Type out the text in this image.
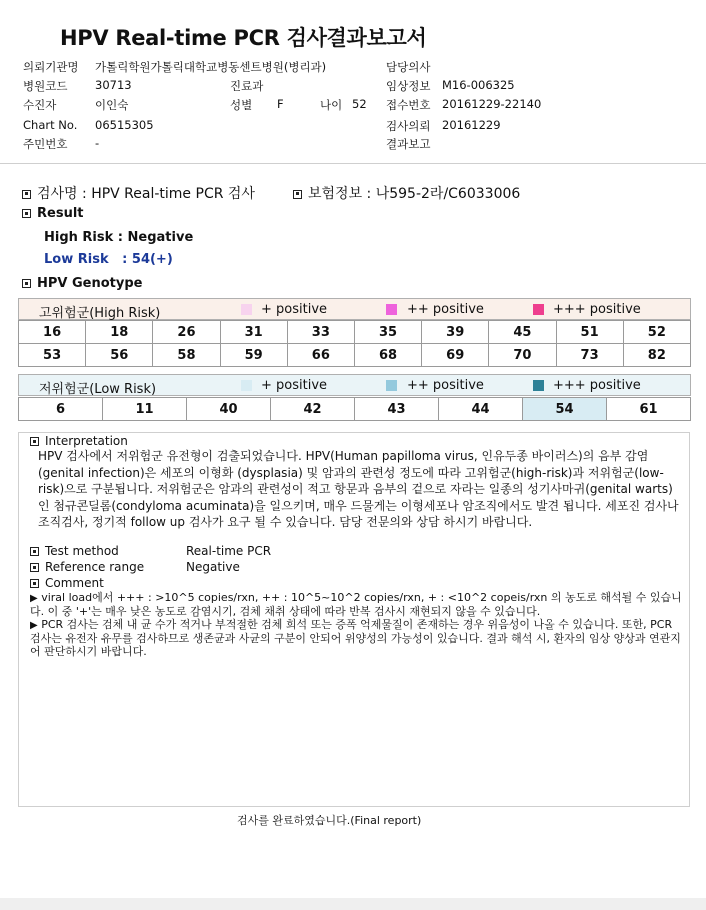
HPV Real-time PCR 검사결과보고서
의뢰기관명 가톨릭학원가톨릭대학교병동센트병원(병리과)	담당의사
병원코드 30713	진료과	임상정보 M16-006325
수진자	이인숙	성별 F	나이 52 접수번호 20161229-22140
Chart No. 06515305	검사의뢰 20161229
주민번호 -	결과보고
검사명 : HPV Real-time PCR 검사	보험정보 : 나595-2라/C6033006
Result
High Risk : Negative
Low Risk   : 54(+)
HPV Genotype
고위험군(High Risk)	+ positive	++ positive	+++ positive
16	18	26	31	33	35	39	45	51	52
53	56	58	59	66	68	69	70	73	82
저위험군(Low Risk)	+ positive	++ positive	+++ positive
6	11	40	42	43	44	54	61
Interpretation
HPV 검사에서 저위험군 유전형이 검출되었습니다. HPV(Human papilloma virus, 인유두종 바이러스)의 음부 감염(genital infection)은 세포의 이형화 (dysplasia) 및 암과의 관련성 정도에 따라 고위험군(high-risk)과 저위험군(low-risk)으로 구분됩니다. 저위험군은 암과의 관련성이 적고 항문과 음부의 겉으로 자라는 일종의 성기사마귀(genital warts)인 첨규콘딜롬(condyloma acuminata)을 일으키며, 매우 드물게는 이형세포나 암조직에서도 발견 됩니다. 세포진 검사나 조직검사, 정기적 follow up 검사가 요구 될 수 있습니다. 담당 전문의와 상담 하시기 바랍니다.
Test method	Real-time PCR
Reference range	Negative
Comment
▶ viral load에서 +++ : >10^5 copies/rxn, ++ : 10^5~10^2 copies/rxn, + : <10^2 copeis/rxn 의 농도로 해석될 수 있습니다. 이 중 '+'는 매우 낮은 농도로 감염시기, 검체 채취 상태에 따라 반복 검사시 재현되지 않을 수 있습니다.
▶ PCR 검사는 검체 내 균 수가 적거나 부적절한 검체 희석 또는 증폭 억제물질이 존재하는 경우 위음성이 나올 수 있습니다. 또한, PCR 검사는 유전자 유무를 검사하므로 생존균과 사균의 구분이 안되어 위양성의 가능성이 있습니다. 결과 해석 시, 환자의 임상 양상과 연관지어 판단하시기 바랍니다.
검사를 완료하였습니다.(Final report)
